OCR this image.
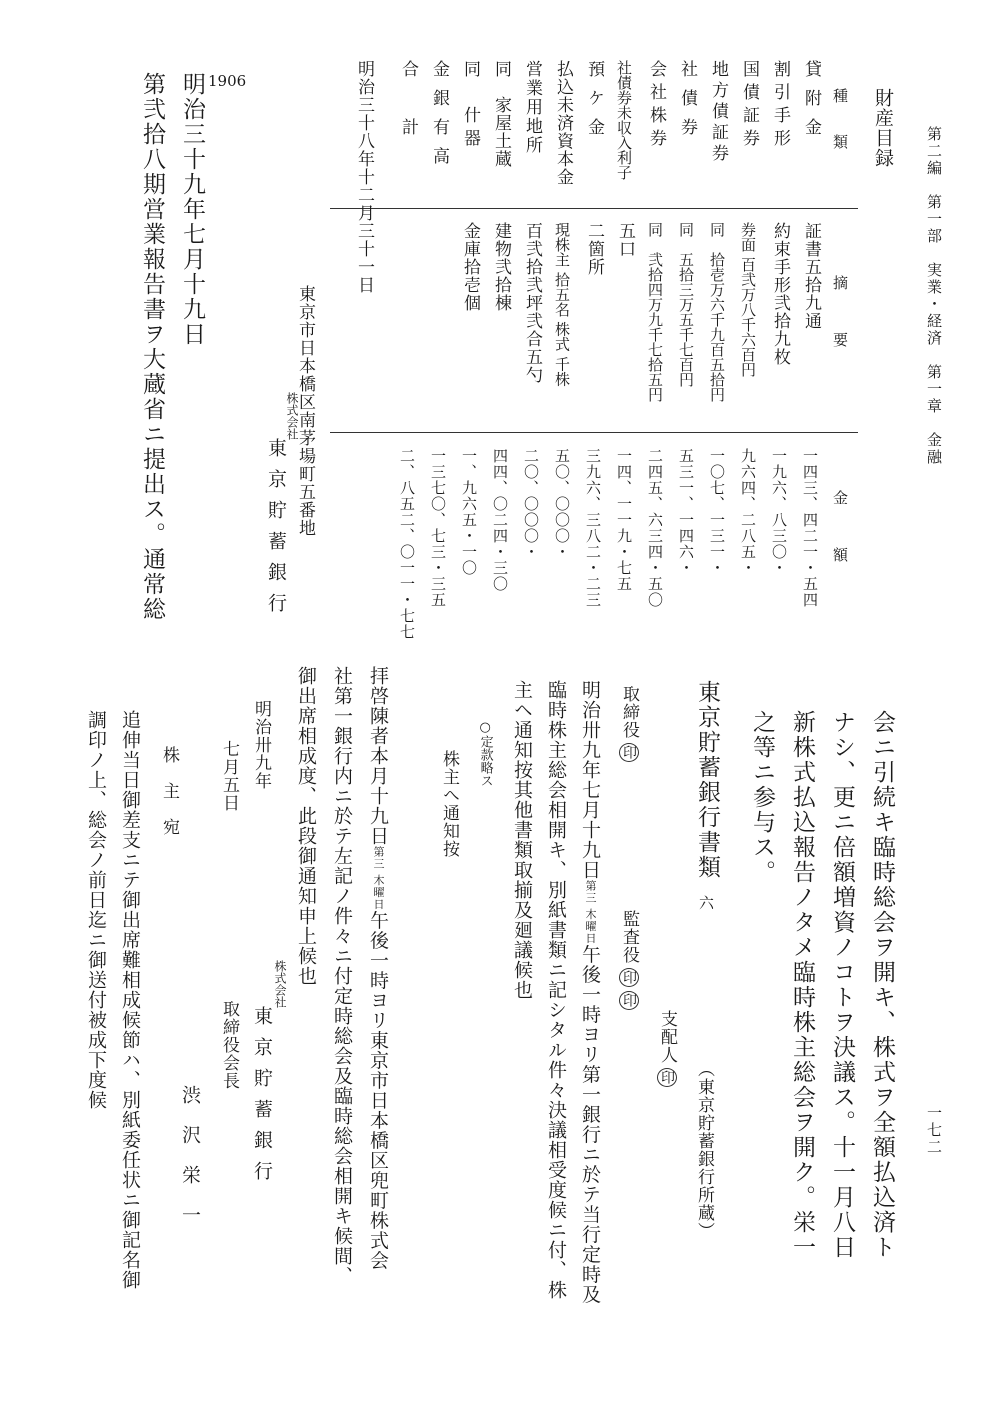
第二編　第一部　実業・経済　第一章　金融
一七二
財産目録
種　類
摘　　要
金　　額
貸附金
割引手形
国債証券
地方債証券
社債券
会社株券
社債券未収入利子
預ケ金
払込未済資本金
営業用地所
同　家屋土蔵
同　什器
金銀有高
合　計
証書五拾九通
約束手形弐拾九枚
券面 百弐万八千六百円
同　拾壱万六千九百五拾円
同　五拾三万五千七百円
同　弐拾四万九千七拾五円
五口
二箇所
現株主 拾五名 株式 千株
百弐拾弐坪弐合五勺
建物弐拾棟
金庫拾壱個
一四三、四二一・五四
一九六、八三〇・
九六四、二八五・
一〇七、一三一・
五三一、一四六・
二四五、六三四・五〇
一四、一一九・七五
三九六、三八二・二三
五〇、〇〇〇・
二〇、〇〇〇・
四四、〇二四・三〇
一、九六五・一〇
一三七〇、七三・三五
二、八五二、〇一一・七七
明治三十八年十二月三十一日
東京市日本橋区南茅場町五番地
株式会社
東京貯蓄銀行
1906
明治三十九年七月十九日
第弐拾八期営業報告書ヲ大蔵省ニ提出ス。通常総
会ニ引続キ臨時総会ヲ開キ、株式ヲ全額払込済ト
ナシ、更ニ倍額増資ノコトヲ決議ス。十一月八日
新株式払込報告ノタメ臨時株主総会ヲ開ク。栄一
之等ニ参与ス。
東京貯蓄銀行書類
六
（東京貯蓄銀行所蔵）
支配人印
監査役印印
取締役印
明治卅九年七月十九日第三 木曜日午後一時ヨリ第一銀行ニ於テ当行定時及
臨時株主総会相開キ、別紙書類ニ記シタル件々決議相受度候ニ付、株
主ヘ通知按其他書類取揃及廻議候也
○定款略ス
株主へ通知按
拝啓陳者本月十九日第三 木曜日午後一時ヨリ東京市日本橋区兜町株式会
社第一銀行内ニ於テ左記ノ件々ニ付定時総会及臨時総会相開キ候間、
御出席相成度、此段御通知申上候也
明治卅九年
七月五日
株式会社
東京貯蓄銀行
取締役会長
渋　沢　栄　一
株　主　宛
追伸当日御差支ニテ御出席難相成候節ハ、別紙委任状ニ御記名御
調印ノ上、総会ノ前日迄ニ御送付被成下度候
